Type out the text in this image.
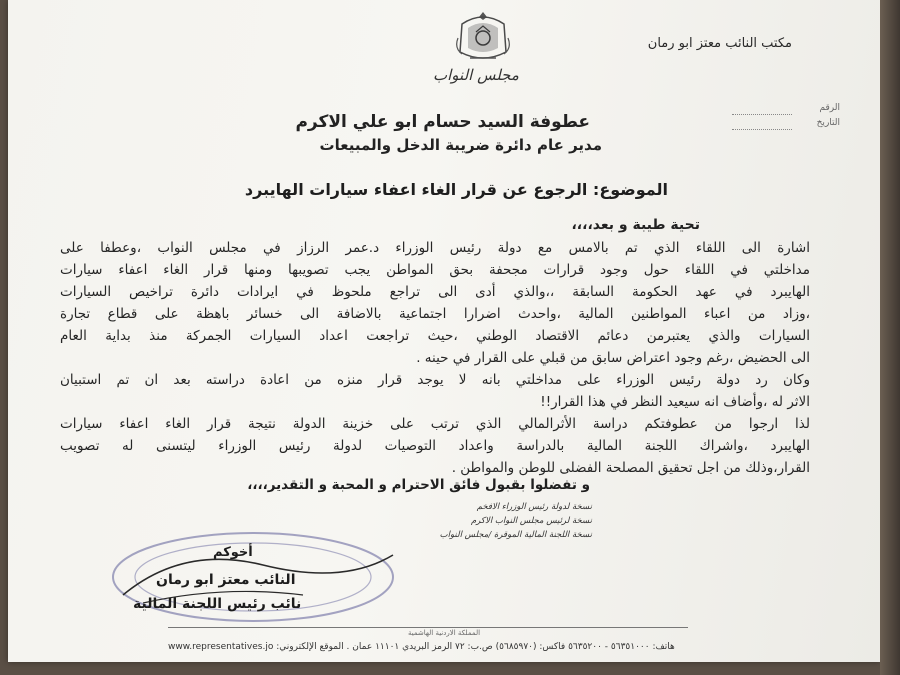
مكتب النائب معتز ابو رمان
مجلس النواب
الرقم
التاريخ
عطوفة السيد حسام ابو علي الاكرم
مدير عام دائرة ضريبة الدخل والمبيعات
الموضوع: الرجوع عن قرار الغاء اعفاء سيارات الهايبرد
تحية طيبة و بعد،،،،
اشارة الى اللقاء الذي تم بالامس مع دولة رئيس الوزراء د.عمر الرزاز في مجلس النواب ،وعطفا على
مداخلتي في اللقاء حول وجود قرارات مجحفة بحق المواطن يجب تصويبها ومنها قرار الغاء اعفاء سيارات
الهايبرد في عهد الحكومة السابقة ،،والذي أدى الى تراجع ملحوظ في ايرادات دائرة تراخيص السيارات
،وزاد من اعباء المواطنين المالية ،واحدث اضرارا اجتماعية بالاضافة الى خسائر باهظة على قطاع تجارة
السيارات والذي يعتبرمن دعائم الاقتصاد الوطني ،حيث تراجعت اعداد السيارات الجمركة منذ بداية العام
الى الحضيض ،رغم وجود اعتراض سابق من قبلي على القرار في حينه .
وكان رد دولة رئيس الوزراء على مداخلتي بانه لا يوجد قرار منزه من اعادة دراسته بعد ان تم استبيان
الاثر له ،وأضاف انه سيعيد النظر في هذا القرار!!
لذا ارجوا من عطوفتكم دراسة الأثرالمالي الذي ترتب على خزينة الدولة نتيجة قرار الغاء اعفاء سيارات
الهايبرد ،واشراك اللجنة المالية بالدراسة واعداد التوصيات لدولة رئيس الوزراء ليتسنى له تصويب
القرار،وذلك من اجل تحقيق المصلحة الفضلى للوطن والمواطن .
و تفضلوا بقبول فائق الاحترام و المحبة و التقدير،،،،
نسخة لدولة رئيس الوزراء الافخم
نسخة لرئيس مجلس النواب الاكرم
نسخة اللجنة المالية الموقرة /مجلس النواب
أخوكم
النائب معتز ابو رمان
نائب رئيس اللجنة المالية
المملكة الاردنية الهاشمية
هاتف: ٥٦٣٥١٠٠٠ - ٥٦٣٥٢٠٠ فاكس: (٥٦٨٥٩٧٠) ص.ب: ٧٢ الرمز البريدي ١١١٠١ عمان . الموقع الإلكتروني: www.representatives.jo
